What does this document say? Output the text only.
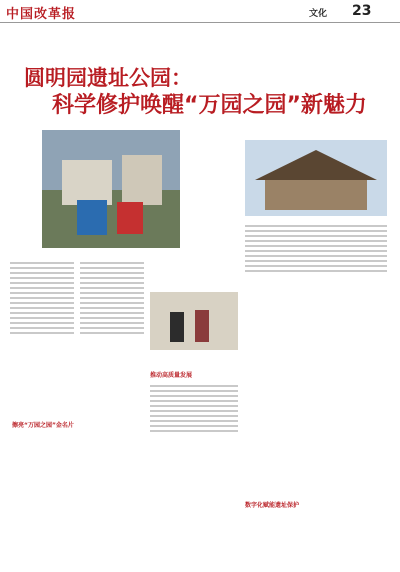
中国改革报	文化 23
圆明园遗址公园：
科学修护唤醒“万园之园”新魅力
擦亮“万园之园”金名片
推动高质量发展
数字化赋能遗址保护
